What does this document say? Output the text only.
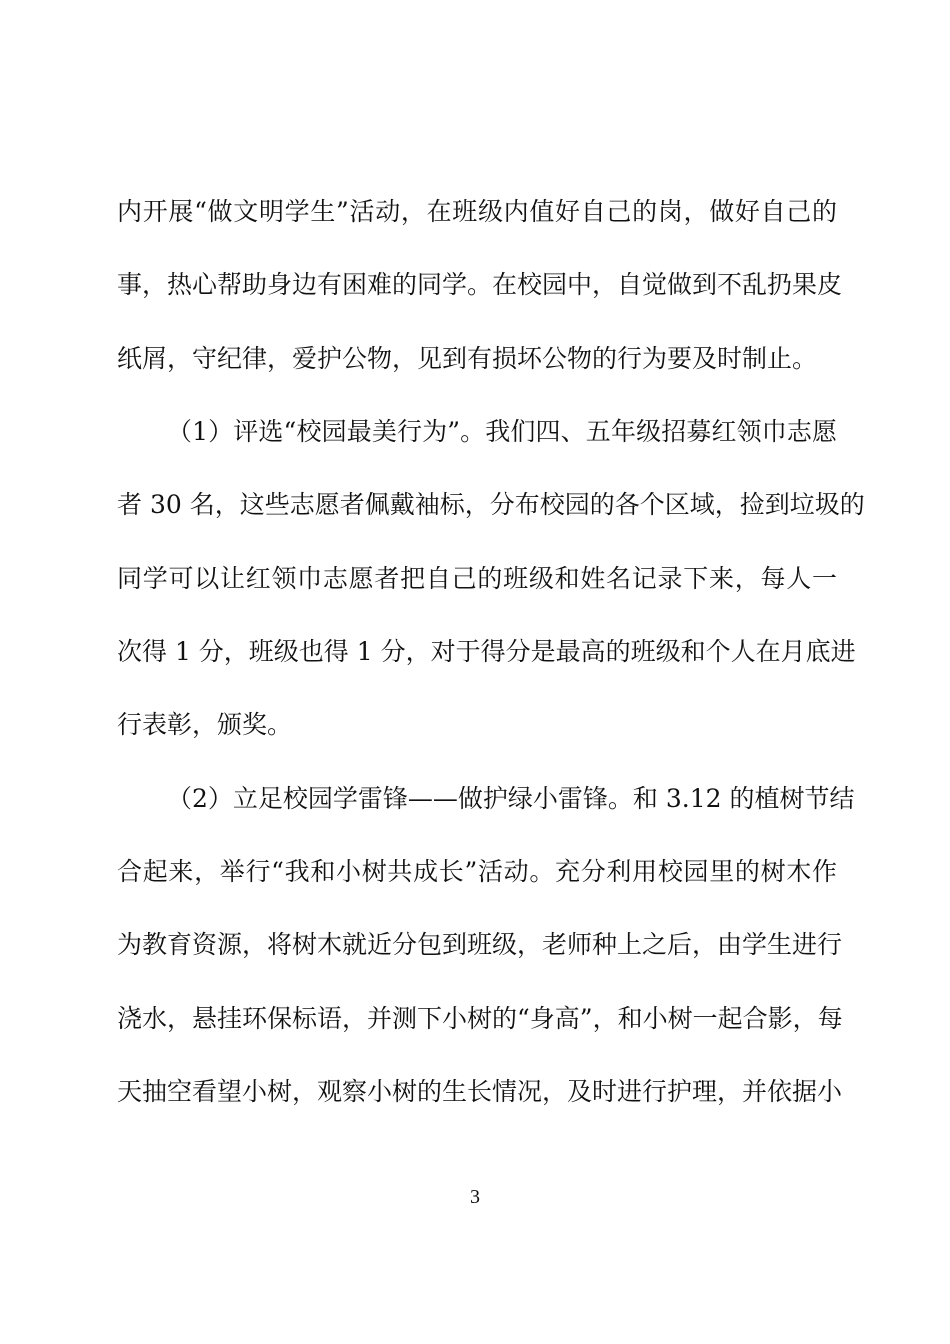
内开展“做文明学生”活动，在班级内值好自己的岗，做好自己的
事，热心帮助身边有困难的同学。在校园中，自觉做到不乱扔果皮
纸屑，守纪律，爱护公物，见到有损坏公物的行为要及时制止。
（1）评选“校园最美行为”。我们四、五年级招募红领巾志愿
者 30 名，这些志愿者佩戴袖标，分布校园的各个区域，捡到垃圾的
同学可以让红领巾志愿者把自己的班级和姓名记录下来，每人一
次得 1 分，班级也得 1 分，对于得分是最高的班级和个人在月底进
行表彰，颁奖。
（2）立足校园学雷锋——做护绿小雷锋。和 3.12 的植树节结
合起来，举行“我和小树共成长”活动。充分利用校园里的树木作
为教育资源，将树木就近分包到班级，老师种上之后，由学生进行
浇水，悬挂环保标语，并测下小树的“身高”，和小树一起合影，每
天抽空看望小树，观察小树的生长情况，及时进行护理，并依据小
3
